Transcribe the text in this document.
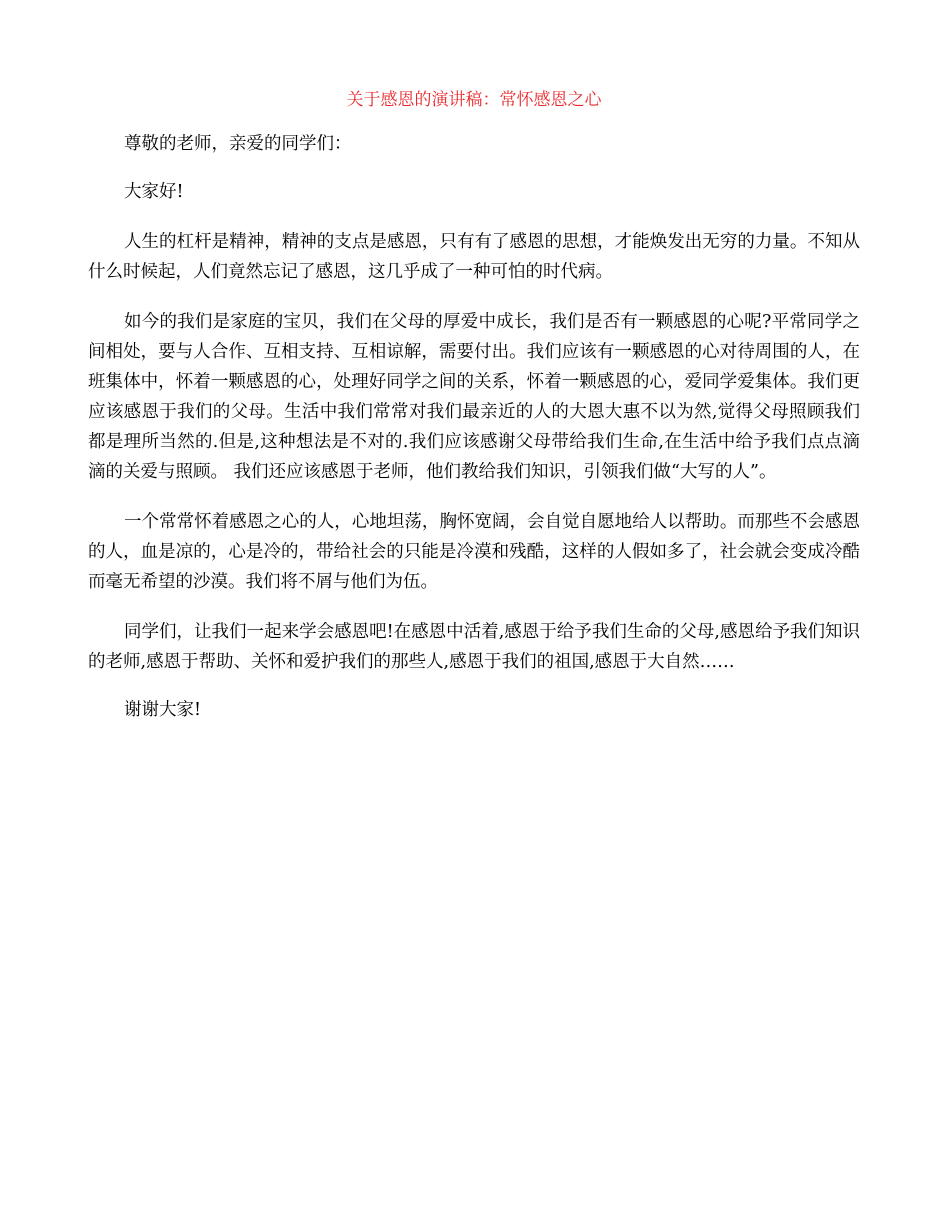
关于感恩的演讲稿：常怀感恩之心

尊敬的老师，亲爱的同学们：

大家好!

人生的杠杆是精神，精神的支点是感恩，只有有了感恩的思想，才能焕发出无穷的力量。不知从什么时候起，人们竟然忘记了感恩，这几乎成了一种可怕的时代病。

如今的我们是家庭的宝贝，我们在父母的厚爱中成长，我们是否有一颗感恩的心呢?平常同学之间相处，要与人合作、互相支持、互相谅解，需要付出。我们应该有一颗感恩的心对待周围的人，在班集体中，怀着一颗感恩的心，处理好同学之间的关系，怀着一颗感恩的心，爱同学爱集体。我们更应该感恩于我们的父母。生活中我们常常对我们最亲近的人的大恩大惠不以为然,觉得父母照顾我们都是理所当然的.但是,这种想法是不对的.我们应该感谢父母带给我们生命,在生活中给予我们点点滴滴的关爱与照顾。 我们还应该感恩于老师，他们教给我们知识，引领我们做“大写的人”。

一个常常怀着感恩之心的人，心地坦荡，胸怀宽阔，会自觉自愿地给人以帮助。而那些不会感恩的人，血是凉的，心是冷的，带给社会的只能是冷漠和残酷，这样的人假如多了，社会就会变成冷酷而毫无希望的沙漠。我们将不屑与他们为伍。

同学们，让我们一起来学会感恩吧!在感恩中活着,感恩于给予我们生命的父母,感恩给予我们知识的老师,感恩于帮助、关怀和爱护我们的那些人,感恩于我们的祖国,感恩于大自然……

谢谢大家!
